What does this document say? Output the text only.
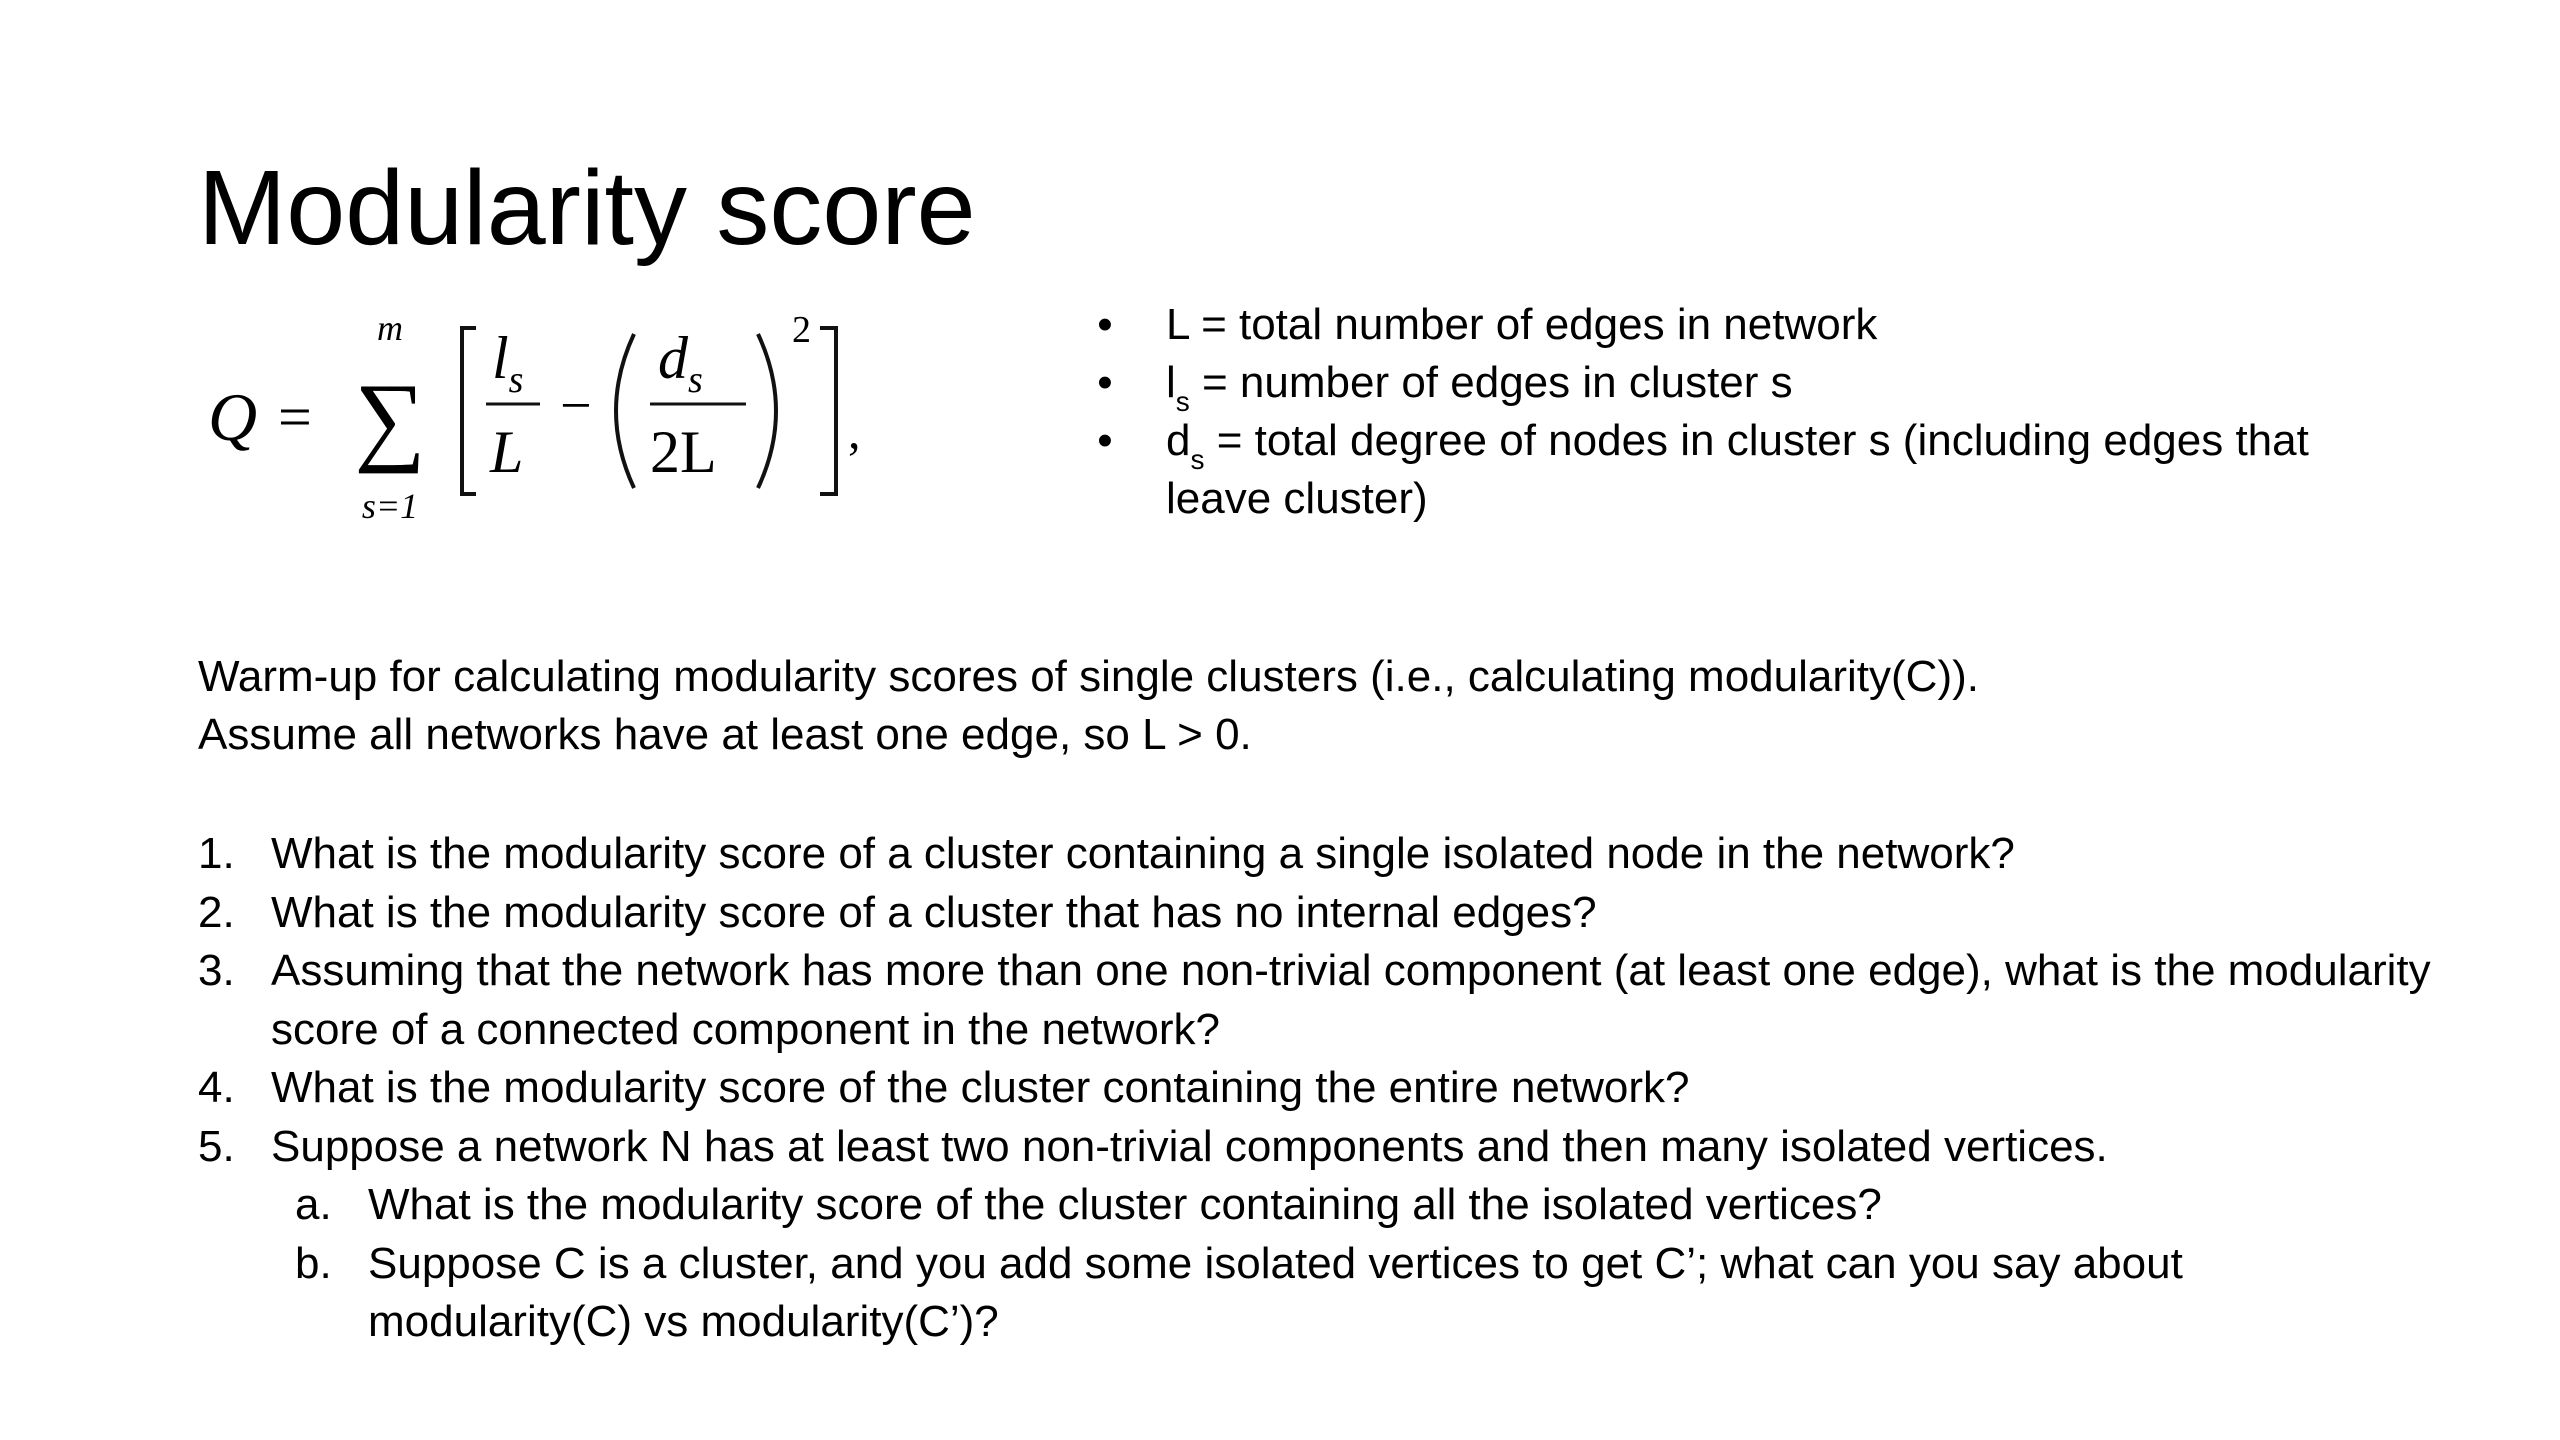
Modularity score
Q =
m
∑
s=1
$l_s$
L
−
$d_s$
2L
2
,
• L = total number of edges in network
• $l_s$ = number of edges in cluster s
• $d_s$ = total degree of nodes in cluster s (including edges that leave cluster)
Warm-up for calculating modularity scores of single clusters (i.e., calculating modularity(C)).
Assume all networks have at least one edge, so L > 0.
1. What is the modularity score of a cluster containing a single isolated node in the network?
2. What is the modularity score of a cluster that has no internal edges?
3. Assuming that the network has more than one non-trivial component (at least one edge), what is the modularity score of a connected component in the network?
4. What is the modularity score of the cluster containing the entire network?
5. Suppose a network N has at least two non-trivial components and then many isolated vertices.
a. What is the modularity score of the cluster containing all the isolated vertices?
b. Suppose C is a cluster, and you add some isolated vertices to get C’; what can you say about modularity(C) vs modularity(C’)?
